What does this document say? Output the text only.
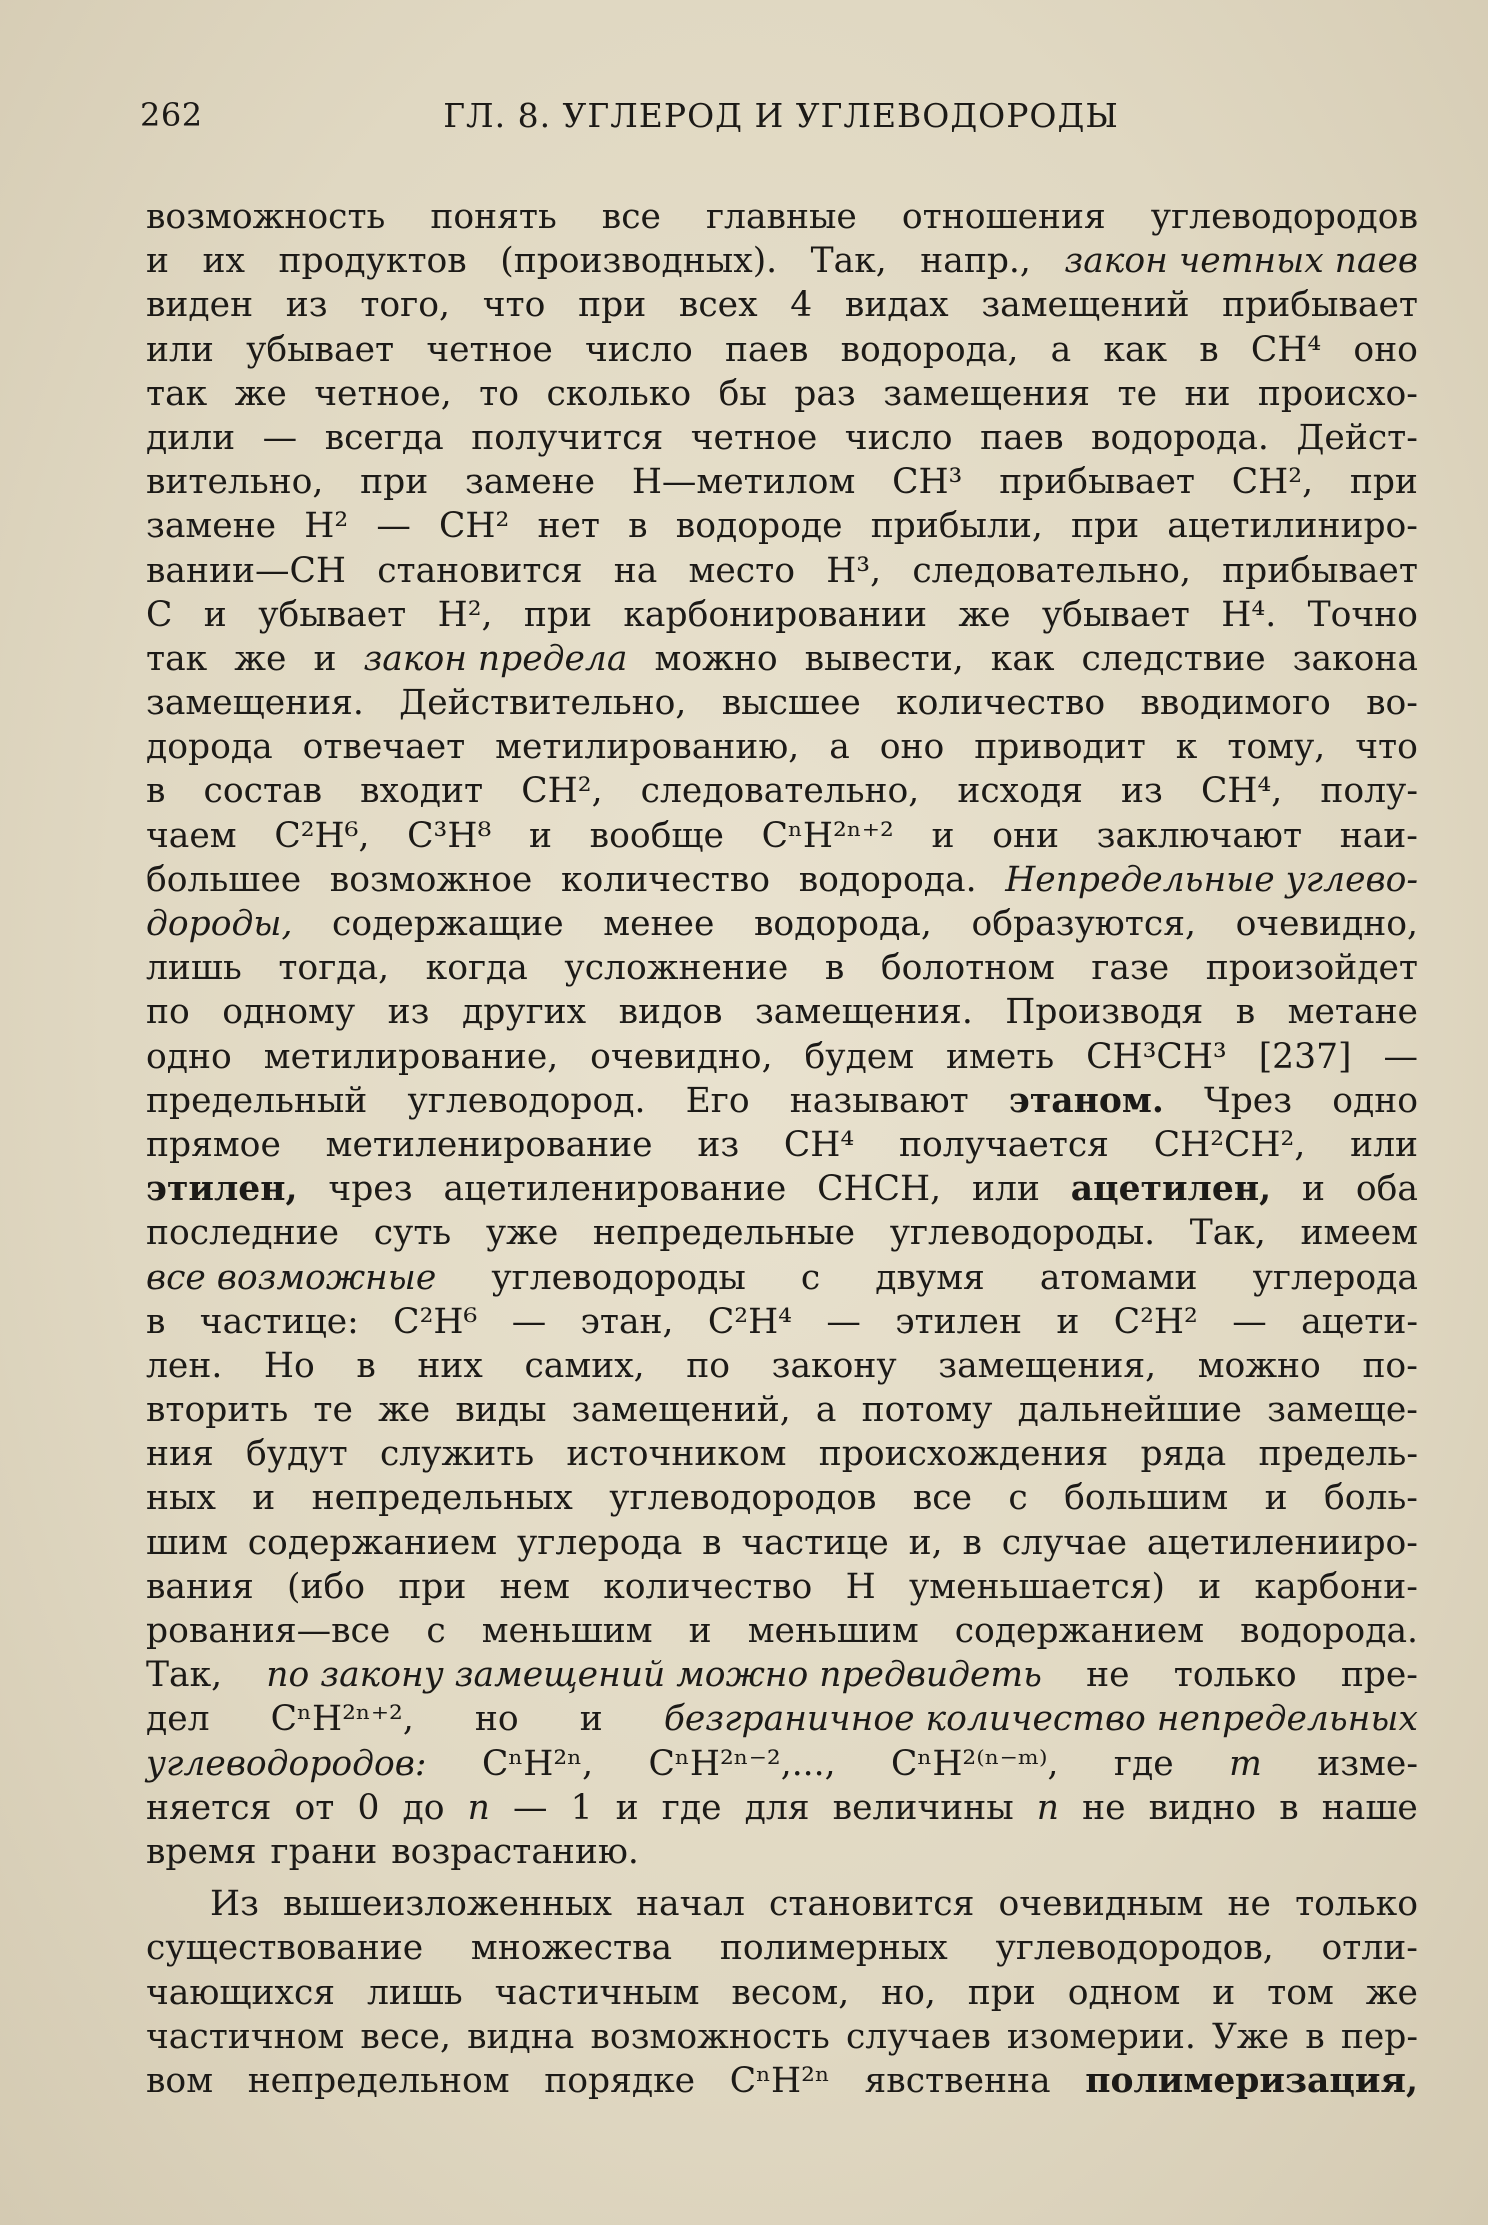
262	ГЛ. 8. УГЛЕРОД И УГЛЕВОДОРОДЫ
возможность понять все главные отношения углеводородов
и их продуктов (производных). Так, напр., закон четных паев
виден из того, что при всех 4 видах замещений прибывает
или убывает четное число паев водорода, а как в CH⁴ оно
так же четное, то сколько бы раз замещения те ни происхо-
дили — всегда получится четное число паев водорода. Дейст-
вительно, при замене H—метилом CH³ прибывает CH², при
замене H² — CH² нет в водороде прибыли, при ацетилиниро-
вании—CH становится на место H³, следовательно, прибывает
C и убывает H², при карбонировании же убывает H⁴. Точно
так же и закон предела можно вывести, как следствие закона
замещения. Действительно, высшее количество вводимого во-
дорода отвечает метилированию, а оно приводит к тому, что
в состав входит CH², следовательно, исходя из CH⁴, полу-
чаем C²H⁶, C³H⁸ и вообще CⁿH²ⁿ⁺² и они заключают наи-
большее возможное количество водорода. Непредельные углево-
дороды, содержащие менее водорода, образуются, очевидно,
лишь тогда, когда усложнение в болотном газе произойдет
по одному из других видов замещения. Производя в метане
одно метилирование, очевидно, будем иметь CH³CH³ [237] —
предельный углеводород. Его называют этаном. Чрез одно
прямое метиленирование из CH⁴ получается CH²CH², или
этилен, чрез ацетиленирование CHCH, или ацетилен, и оба
последние суть уже непредельные углеводороды. Так, имеем
все возможные углеводороды с двумя атомами углерода
в частице: C²H⁶ — этан, C²H⁴ — этилен и C²H² — ацети-
лен. Но в них самих, по закону замещения, можно по-
вторить те же виды замещений, а потому дальнейшие замеще-
ния будут служить источником происхождения ряда предель-
ных и непредельных углеводородов все с большим и боль-
шим содержанием углерода в частице и, в случае ацетиленииро-
вания (ибо при нем количество H уменьшается) и карбони-
рования—все с меньшим и меньшим содержанием водорода.
Так, по закону замещений можно предвидеть не только пре-
дел CⁿH²ⁿ⁺², но и безграничное количество непредельных
углеводородов: CⁿH²ⁿ, CⁿH²ⁿ⁻²,..., CⁿH²⁽ⁿ⁻ᵐ⁾, где m изме-
няется от 0 до n — 1 и где для величины n не видно в наше
время грани возрастанию.
Из вышеизложенных начал становится очевидным не только
существование множества полимерных углеводородов, отли-
чающихся лишь частичным весом, но, при одном и том же
частичном весе, видна возможность случаев изомерии. Уже в пер-
вом непредельном порядке CⁿH²ⁿ явственна полимеризация,
